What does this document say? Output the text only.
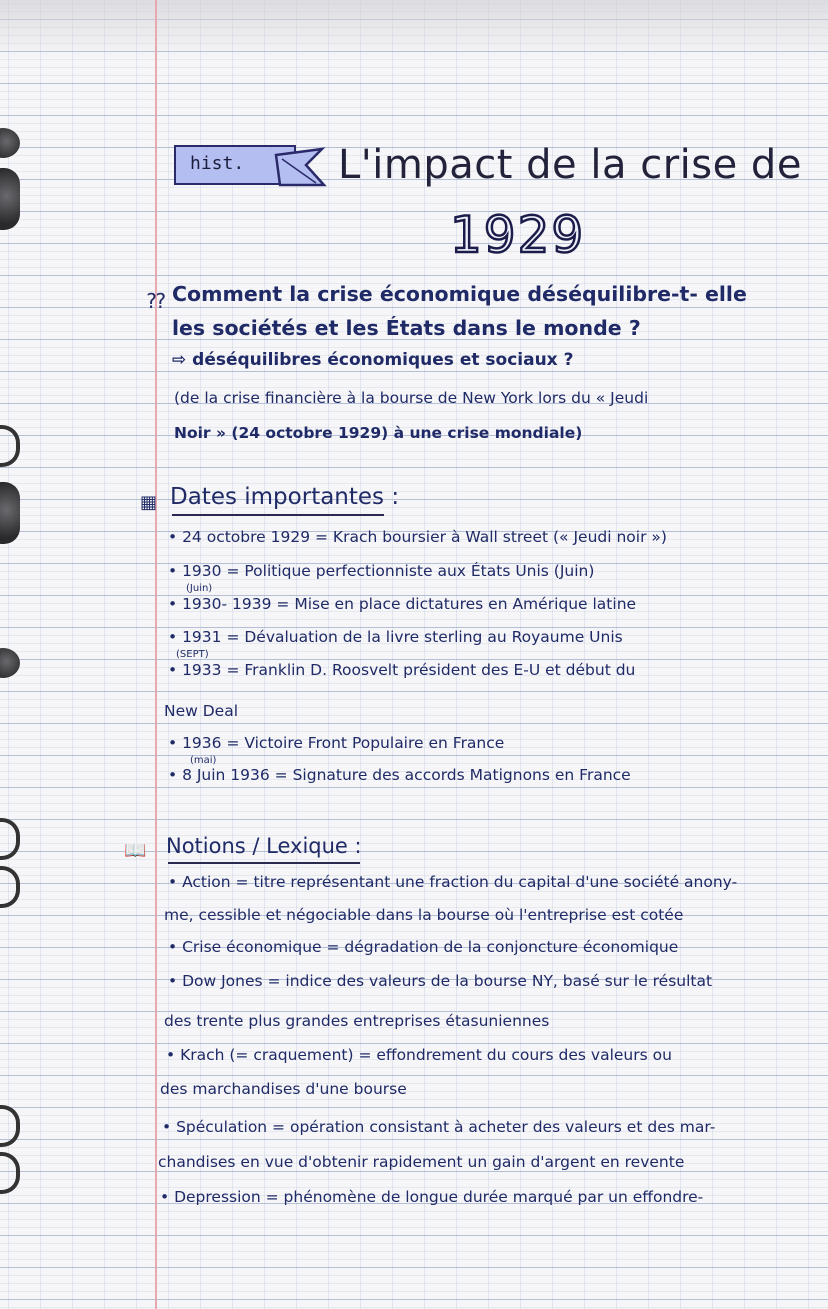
hist. L'impact de la crise de
1929
⁇ Comment la crise économique déséquilibre-t- elle
les sociétés et les États dans le monde ?
⇨ déséquilibres économiques et sociaux ?
(de la crise financière à la bourse de New York lors du « Jeudi
Noir » (24 octobre 1929) à une crise mondiale)
▦ Dates importantes :
• 24 octobre 1929 = Krach boursier à Wall street (« Jeudi noir »)
• 1930 = Politique perfectionniste aux États Unis (Juin)
(Juin)
• 1930- 1939 = Mise en place dictatures en Amérique latine
• 1931 = Dévaluation de la livre sterling au Royaume Unis
(SEPT)
• 1933 = Franklin D. Roosvelt président des E-U et début du
New Deal
• 1936 = Victoire Front Populaire en France
(mai)
• 8 Juin 1936 = Signature des accords Matignons en France
📖 Notions / Lexique :
• Action = titre représentant une fraction du capital d'une société anony-
me, cessible et négociable dans la bourse où l'entreprise est cotée
• Crise économique = dégradation de la conjoncture économique
• Dow Jones = indice des valeurs de la bourse NY, basé sur le résultat
des trente plus grandes entreprises étasuniennes
• Krach (= craquement) = effondrement du cours des valeurs ou
des marchandises d'une bourse
• Spéculation = opération consistant à acheter des valeurs et des mar-
chandises en vue d'obtenir rapidement un gain d'argent en revente
• Depression = phénomène de longue durée marqué par un effondre-
